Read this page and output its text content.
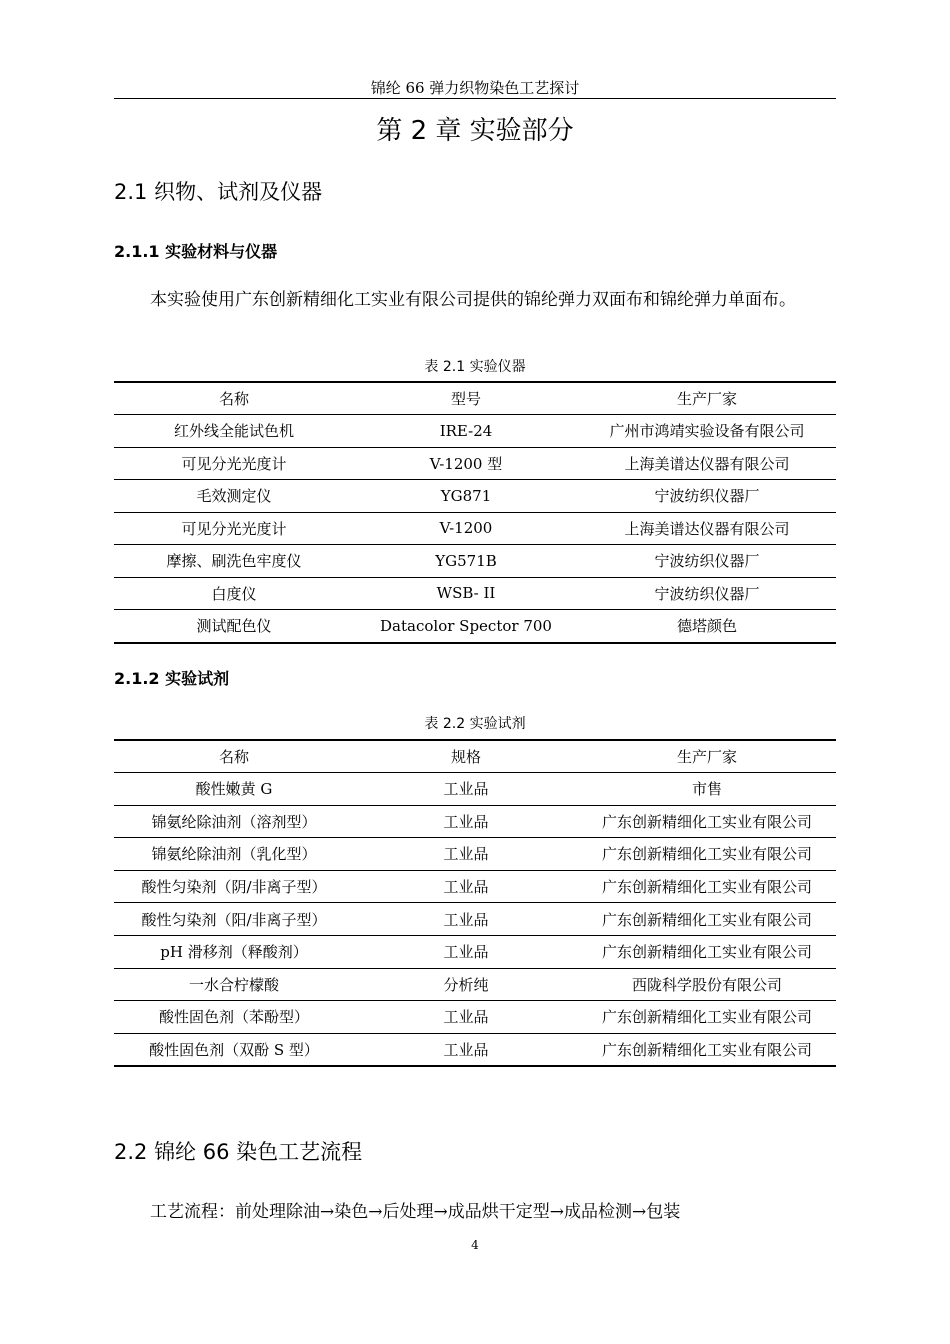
锦纶 66 弹力织物染色工艺探讨
第 2 章 实验部分
2.1 织物、试剂及仪器
2.1.1 实验材料与仪器
本实验使用广东创新精细化工实业有限公司提供的锦纶弹力双面布和锦纶弹力单面布。
表 2.1 实验仪器
名称	型号	生产厂家
红外线全能试色机	IRE-24	广州市鸿靖实验设备有限公司
可见分光光度计	V-1200 型	上海美谱达仪器有限公司
毛效测定仪	YG871	宁波纺织仪器厂
可见分光光度计	V-1200	上海美谱达仪器有限公司
摩擦、刷洗色牢度仪	YG571B	宁波纺织仪器厂
白度仪	WSB- II	宁波纺织仪器厂
测试配色仪	Datacolor Spector 700	德塔颜色
2.1.2 实验试剂
表 2.2 实验试剂
名称	规格	生产厂家
酸性嫩黄 G	工业品	市售
锦氨纶除油剂（溶剂型）	工业品	广东创新精细化工实业有限公司
锦氨纶除油剂（乳化型）	工业品	广东创新精细化工实业有限公司
酸性匀染剂（阴/非离子型）	工业品	广东创新精细化工实业有限公司
酸性匀染剂（阳/非离子型）	工业品	广东创新精细化工实业有限公司
pH 滑移剂（释酸剂）	工业品	广东创新精细化工实业有限公司
一水合柠檬酸	分析纯	西陇科学股份有限公司
酸性固色剂（苯酚型）	工业品	广东创新精细化工实业有限公司
酸性固色剂（双酚 S 型）	工业品	广东创新精细化工实业有限公司
2.2 锦纶 66 染色工艺流程
工艺流程：前处理除油→染色→后处理→成品烘干定型→成品检测→包装
4
